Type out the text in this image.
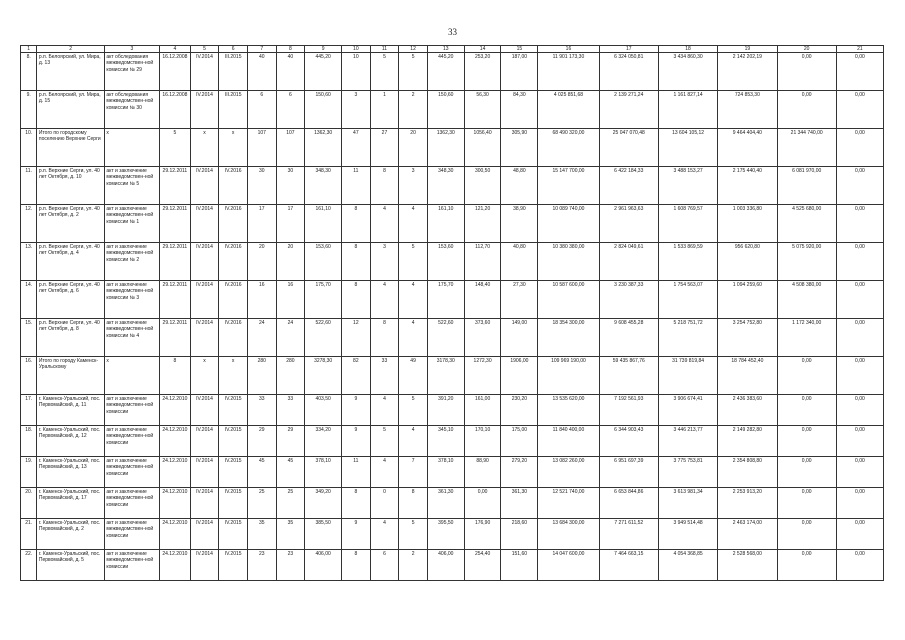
33
1	2	3	4	5	6	7	8	9	10	11	12	13	14	15	16	17	18	19	20	21
8.	р.п. Белоярский, ул. Мира, д. 13	акт обследования межведомствен-ной комиссии № 29	16.12.2008	IV.2014	III.2015	40	40	445,20	10	5	5	445,20	253,20	187,00	11 901 173,30	6 324 050,81	3 434 860,30	2 142 202,19	0,00	0,00
9.	р.п. Белоярский, ул. Мира, д. 15	акт обследования межведомствен-ной комиссии № 30	16.12.2008	IV.2014	III.2015	6	6	150,60	3	1	2	150,60	56,30	84,30	4 025 851,68	2 139 271,24	1 161 827,14	724 853,30	0,00	0,00
10.	Итого по городскому поселению Верхние Серги	x	5	x	x	107	107	1362,30	47	27	20	1362,30	1056,40	305,90	68 490 320,00	25 047 070,48	13 604 105,12	9 464 404,40	21 344 740,00	0,00
11.	р.п. Верхние Серги, ул. 40 лет Октября, д. 10	акт и заключение межведомствен-ной комиссии № 5	29.12.2011	IV.2014	IV.2016	30	30	348,30	11	8	3	348,30	300,50	48,80	15 147 700,00	6 422 184,33	3 488 153,27	2 175 440,40	6 081 970,00	0,00
12.	р.п. Верхние Серги, ул. 40 лет Октября, д. 2	акт и заключение межведомствен-ной комиссии № 1	29.12.2011	IV.2014	IV.2016	17	17	161,10	8	4	4	161,10	121,20	38,90	10 089 740,00	2 961 963,63	1 608 769,57	1 003 336,80	4 525 680,00	0,00
13.	р.п. Верхние Серги, ул. 40 лет Октября, д. 4	акт и заключение межведомствен-ной комиссии № 2	29.12.2011	IV.2014	IV.2016	20	20	153,60	8	3	5	153,60	112,70	40,80	10 380 380,00	2 824 049,61	1 533 869,59	956 620,80	5 075 920,00	0,00
14.	р.п. Верхние Серги, ул. 40 лет Октября, д. 6	акт и заключение межведомствен-ной комиссии № 3	29.12.2011	IV.2014	IV.2016	16	16	175,70	8	4	4	175,70	148,40	27,30	10 587 600,00	3 230 387,33	1 754 563,07	1 094 259,60	4 508 380,00	0,00
15.	р.п. Верхние Серги, ул. 40 лет Октября, д. 8	акт и заключение межведомствен-ной комиссии № 4	29.12.2011	IV.2014	IV.2016	24	24	522,60	12	8	4	522,60	373,60	149,00	18 354 300,00	9 608 455,28	5 218 751,72	3 254 752,80	1 172 340,00	0,00
16.	Итого по городу Каменск-Уральскому	x	8	x	x	280	280	3278,30	82	33	49	3178,30	1272,30	1906,00	109 969 190,00	59 435 867,76	31 739 819,84	18 784 452,40	0,00	0,00
17.	г. Каменск-Уральский, пос. Первомайский, д. 11	акт и заключение межведомствен-ной комиссии	24.12.2010	IV.2014	IV.2015	33	33	403,50	9	4	5	391,20	161,00	230,20	13 535 620,00	7 192 561,93	3 906 674,41	2 436 383,60	0,00	0,00
18.	г. Каменск-Уральский, пос. Первомайский, д. 12	акт и заключение межведомствен-ной комиссии	24.12.2010	IV.2014	IV.2015	29	29	334,20	9	5	4	345,10	170,10	175,00	11 840 400,00	6 344 903,43	3 446 213,77	2 149 282,80	0,00	0,00
19.	г. Каменск-Уральский, пос. Первомайский, д. 13	акт и заключение межведомствен-ной комиссии	24.12.2010	IV.2014	IV.2015	45	45	378,10	11	4	7	378,10	88,90	279,20	13 082 260,00	6 951 697,39	3 775 753,81	2 354 808,80	0,00	0,00
20.	г. Каменск-Уральский, пос. Первомайский, д. 17	акт и заключение межведомствен-ной комиссии	24.12.2010	IV.2014	IV.2015	25	25	349,20	8	0	8	361,30	0,00	361,30	12 521 740,00	6 653 844,86	3 613 981,34	2 253 913,20	0,00	0,00
21.	г. Каменск-Уральский, пос. Первомайский, д. 2	акт и заключение межведомствен-ной комиссии	24.12.2010	IV.2014	IV.2015	35	35	385,50	9	4	5	395,50	176,90	218,60	13 684 300,00	7 271 611,52	3 949 514,48	2 463 174,00	0,00	0,00
22.	г. Каменск-Уральский, пос. Первомайский, д. 5	акт и заключение межведомствен-ной комиссии	24.12.2010	IV.2014	IV.2015	23	23	406,00	8	6	2	406,00	254,40	151,60	14 047 600,00	7 464 663,15	4 054 368,85	2 528 568,00	0,00	0,00
